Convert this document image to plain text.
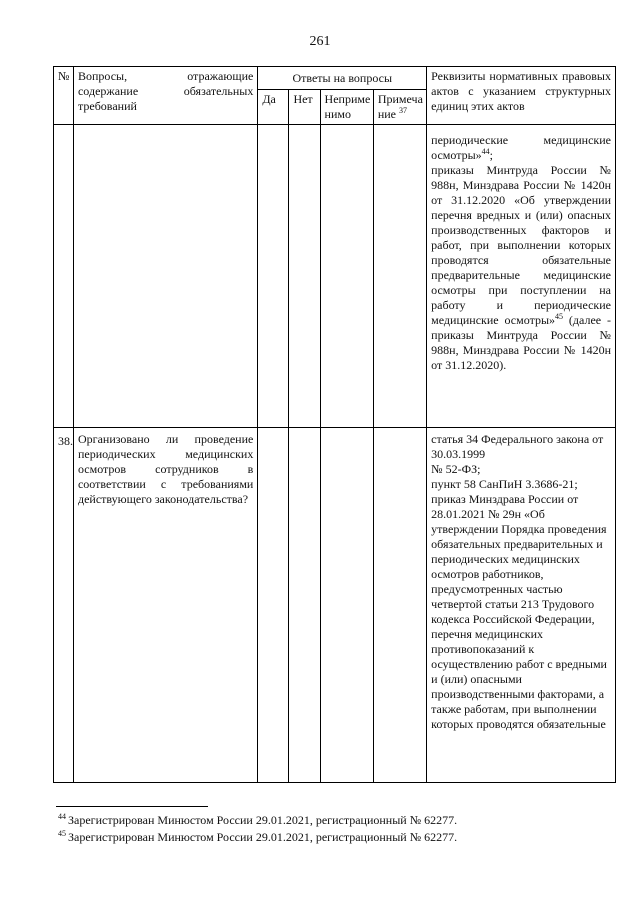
261
№	Вопросы, отражающие содержание обязательных требований	Ответы на вопросы				Реквизиты нормативных правовых актов с указанием структурных единиц этих актов
		Да	Нет	Неприме нимо	Примеча ние $^{37}$
						периодические медицинские осмотры»$^{44}$;
приказы Минтруда России № 988н, Минздрава России № 1420н от 31.12.2020 «Об утверждении перечня вредных и (или) опасных производственных факторов и работ, при выполнении которых проводятся обязательные предварительные медицинские осмотры при поступлении на работу и периодические медицинские осмотры»$^{45}$ (далее - приказы Минтруда России № 988н, Минздрава России № 1420н от 31.12.2020).
38.	Организовано ли проведение периодических медицинских осмотров сотрудников в соответствии с требованиями действующего законодательства?					статья 34 Федерального закона от 30.03.1999
№ 52-ФЗ;
пункт 58 СанПиН 3.3686-21;
приказ Минздрава России от 28.01.2021 № 29н «Об утверждении Порядка проведения обязательных предварительных и периодических медицинских осмотров работников, предусмотренных частью четвертой статьи 213 Трудового кодекса Российской Федерации, перечня медицинских противопоказаний к осуществлению работ с вредными и (или) опасными производственными факторами, а также работам, при выполнении которых проводятся обязательные
$^{44}$ Зарегистрирован Минюстом России 29.01.2021, регистрационный № 62277.
$^{45}$ Зарегистрирован Минюстом России 29.01.2021, регистрационный № 62277.
